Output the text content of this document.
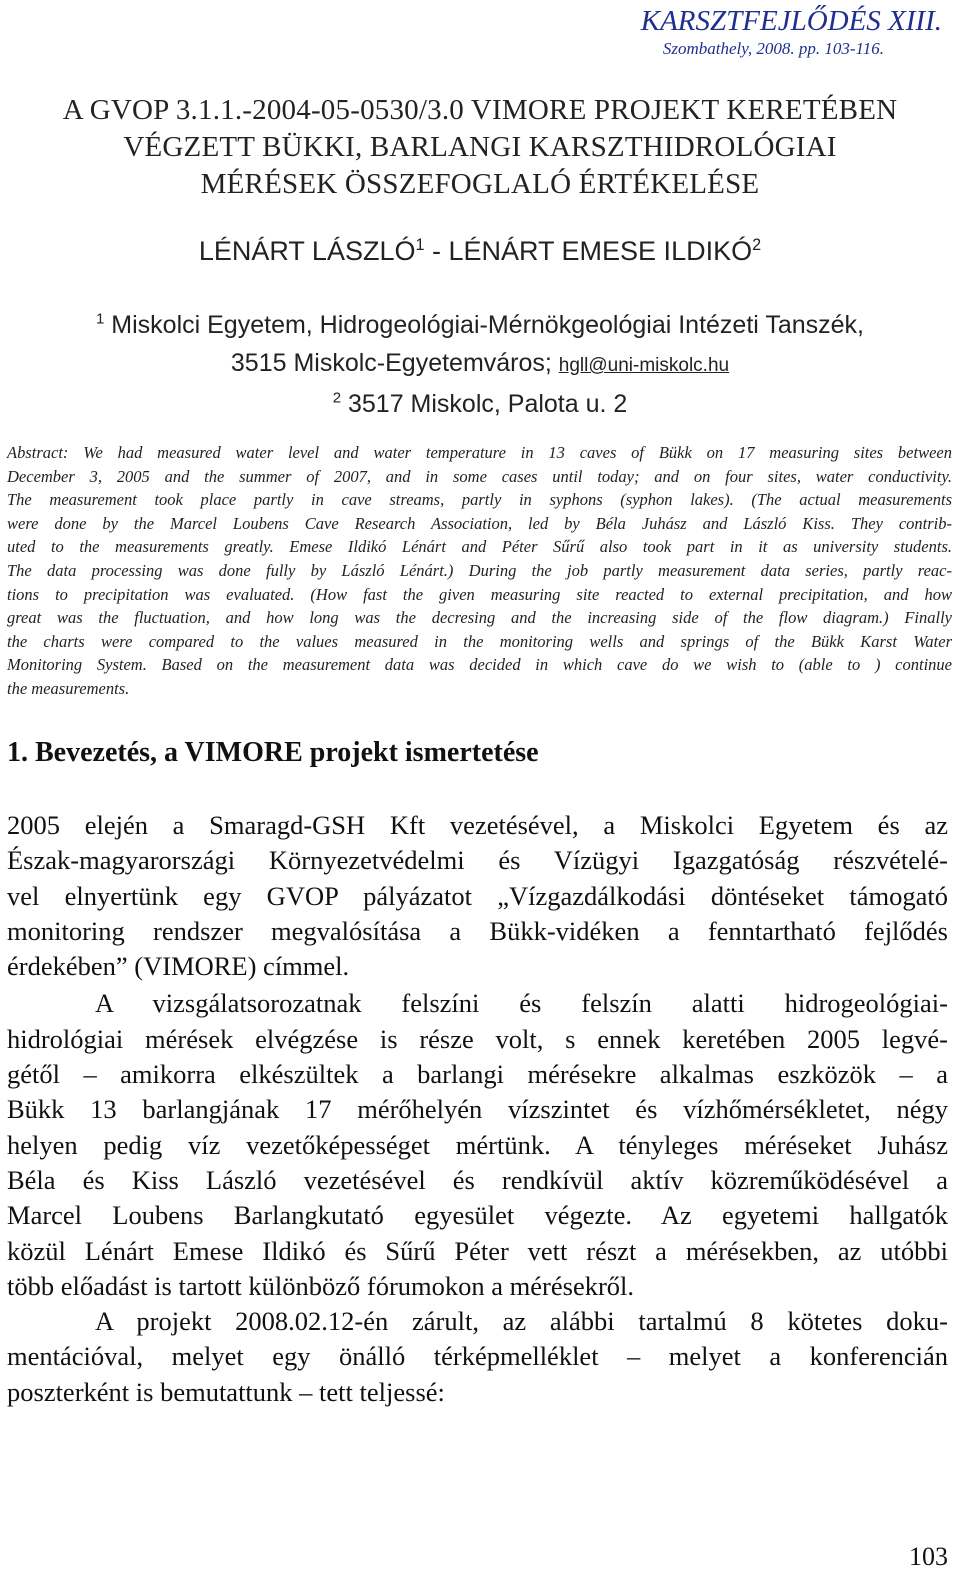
KARSZTFEJLŐDÉS XIII.
Szombathely, 2008. pp. 103-116.
A GVOP 3.1.1.-2004-05-0530/3.0 VIMORE PROJEKT KERETÉBEN
VÉGZETT BÜKKI, BARLANGI KARSZTHIDROLÓGIAI
MÉRÉSEK ÖSSZEFOGLALÓ ÉRTÉKELÉSE
LÉNÁRT LÁSZLÓ$^1$ - LÉNÁRT EMESE ILDIKÓ$^2$
$^1$ Miskolci Egyetem, Hidrogeológiai-Mérnökgeológiai Intézeti Tanszék,
3515 Miskolc-Egyetemváros; hgll@uni-miskolc.hu
$^2$ 3517 Miskolc, Palota u. 2
Abstract: We had measured water level and water temperature in 13 caves of Bükk on 17 measuring sites between
December 3, 2005 and the summer of 2007, and in some cases until today; and on four sites, water conductivity.
The measurement took place partly in cave streams, partly in syphons (syphon lakes). (The actual measurements
were done by the Marcel Loubens Cave Research Association, led by Béla Juhász and László Kiss. They contrib-
uted to the measurements greatly. Emese Ildikó Lénárt and Péter Sűrű also took part in it as university students.
The data processing was done fully by László Lénárt.) During the job partly measurement data series, partly reac-
tions to precipitation was evaluated. (How fast the given measuring site reacted to external precipitation, and how
great was the fluctuation, and how long was the decresing and the increasing side of the flow diagram.) Finally
the charts were compared to the values measured in the monitoring wells and springs of the Bükk Karst Water
Monitoring System. Based on the measurement data was decided in which cave do we wish to (able to ) continue
the measurements.
1. Bevezetés, a VIMORE projekt ismertetése
2005 elején a Smaragd-GSH Kft vezetésével, a Miskolci Egyetem és az
Észak-magyarországi Környezetvédelmi és Vízügyi Igazgatóság részvételé-
vel elnyertünk egy GVOP pályázatot „Vízgazdálkodási döntéseket támogató
monitoring rendszer megvalósítása a Bükk-vidéken a fenntartható fejlődés
érdekében” (VIMORE) címmel.
A vizsgálatsorozatnak felszíni és felszín alatti hidrogeológiai-
hidrológiai mérések elvégzése is része volt, s ennek keretében 2005 legvé-
gétől – amikorra elkészültek a barlangi mérésekre alkalmas eszközök – a
Bükk 13 barlangjának 17 mérőhelyén vízszintet és vízhőmérsékletet, négy
helyen pedig víz vezetőképességet mértünk. A tényleges méréseket Juhász
Béla és Kiss László vezetésével és rendkívül aktív közreműködésével a
Marcel Loubens Barlangkutató egyesület végezte. Az egyetemi hallgatók
közül Lénárt Emese Ildikó és Sűrű Péter vett részt a mérésekben, az utóbbi
több előadást is tartott különböző fórumokon a mérésekről.
A projekt 2008.02.12-én zárult, az alábbi tartalmú 8 kötetes doku-
mentációval, melyet egy önálló térképmelléklet – melyet a konferencián
poszterként is bemutattunk – tett teljessé:
103
